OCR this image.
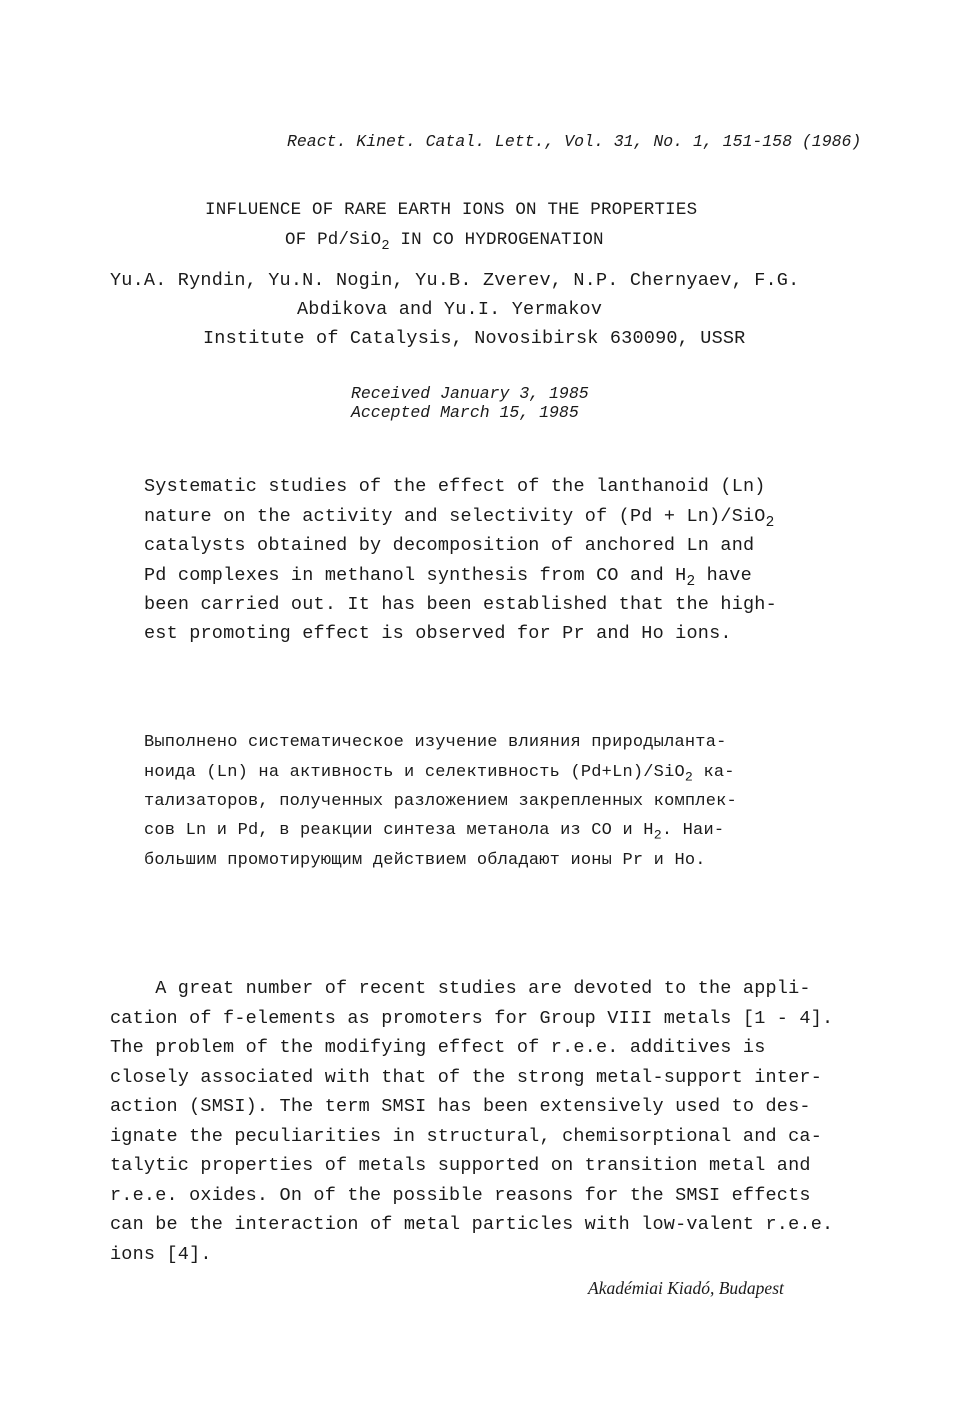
React. Kinet. Catal. Lett., Vol. 31, No. 1, 151-158 (1986)
INFLUENCE OF RARE EARTH IONS ON THE PROPERTIES
OF Pd/SiO$_2$ IN CO HYDROGENATION
Yu.A. Ryndin, Yu.N. Nogin, Yu.B. Zverev, N.P. Chernyaev, F.G.
Abdikova and Yu.I. Yermakov
Institute of Catalysis, Novosibirsk 630090, USSR
Received January 3, 1985
Accepted March 15, 1985
Systematic studies of the effect of the lanthanoid (Ln)
nature on the activity and selectivity of (Pd + Ln)/SiO$_2$
catalysts obtained by decomposition of anchored Ln and
Pd complexes in methanol synthesis from CO and $H_2$ have
been carried out. It has been established that the high-
est promoting effect is observed for Pr and Ho ions.
Выполнено систематическое изучение влияния природыланта-
ноида (Ln) на активность и селективность (Pd+Ln)/SiO$_2$ ка-
тализаторов, полученных разложением закрепленных комплек-
сов Ln и Pd, в реакции синтеза метанола из CO и $H_2$. Наи-
большим промотирующим действием обладают ионы Pr и Ho.
A great number of recent studies are devoted to the appli-
cation of f-elements as promoters for Group VIII metals [1 - 4].
The problem of the modifying effect of r.e.e. additives is
closely associated with that of the strong metal-support inter-
action (SMSI). The term SMSI has been extensively used to des-
ignate the peculiarities in structural, chemisorptional and ca-
talytic properties of metals supported on transition metal and
r.e.e. oxides. On of the possible reasons for the SMSI effects
can be the interaction of metal particles with low-valent r.e.e.
ions [4].
Akadémiai Kiadó, Budapest
